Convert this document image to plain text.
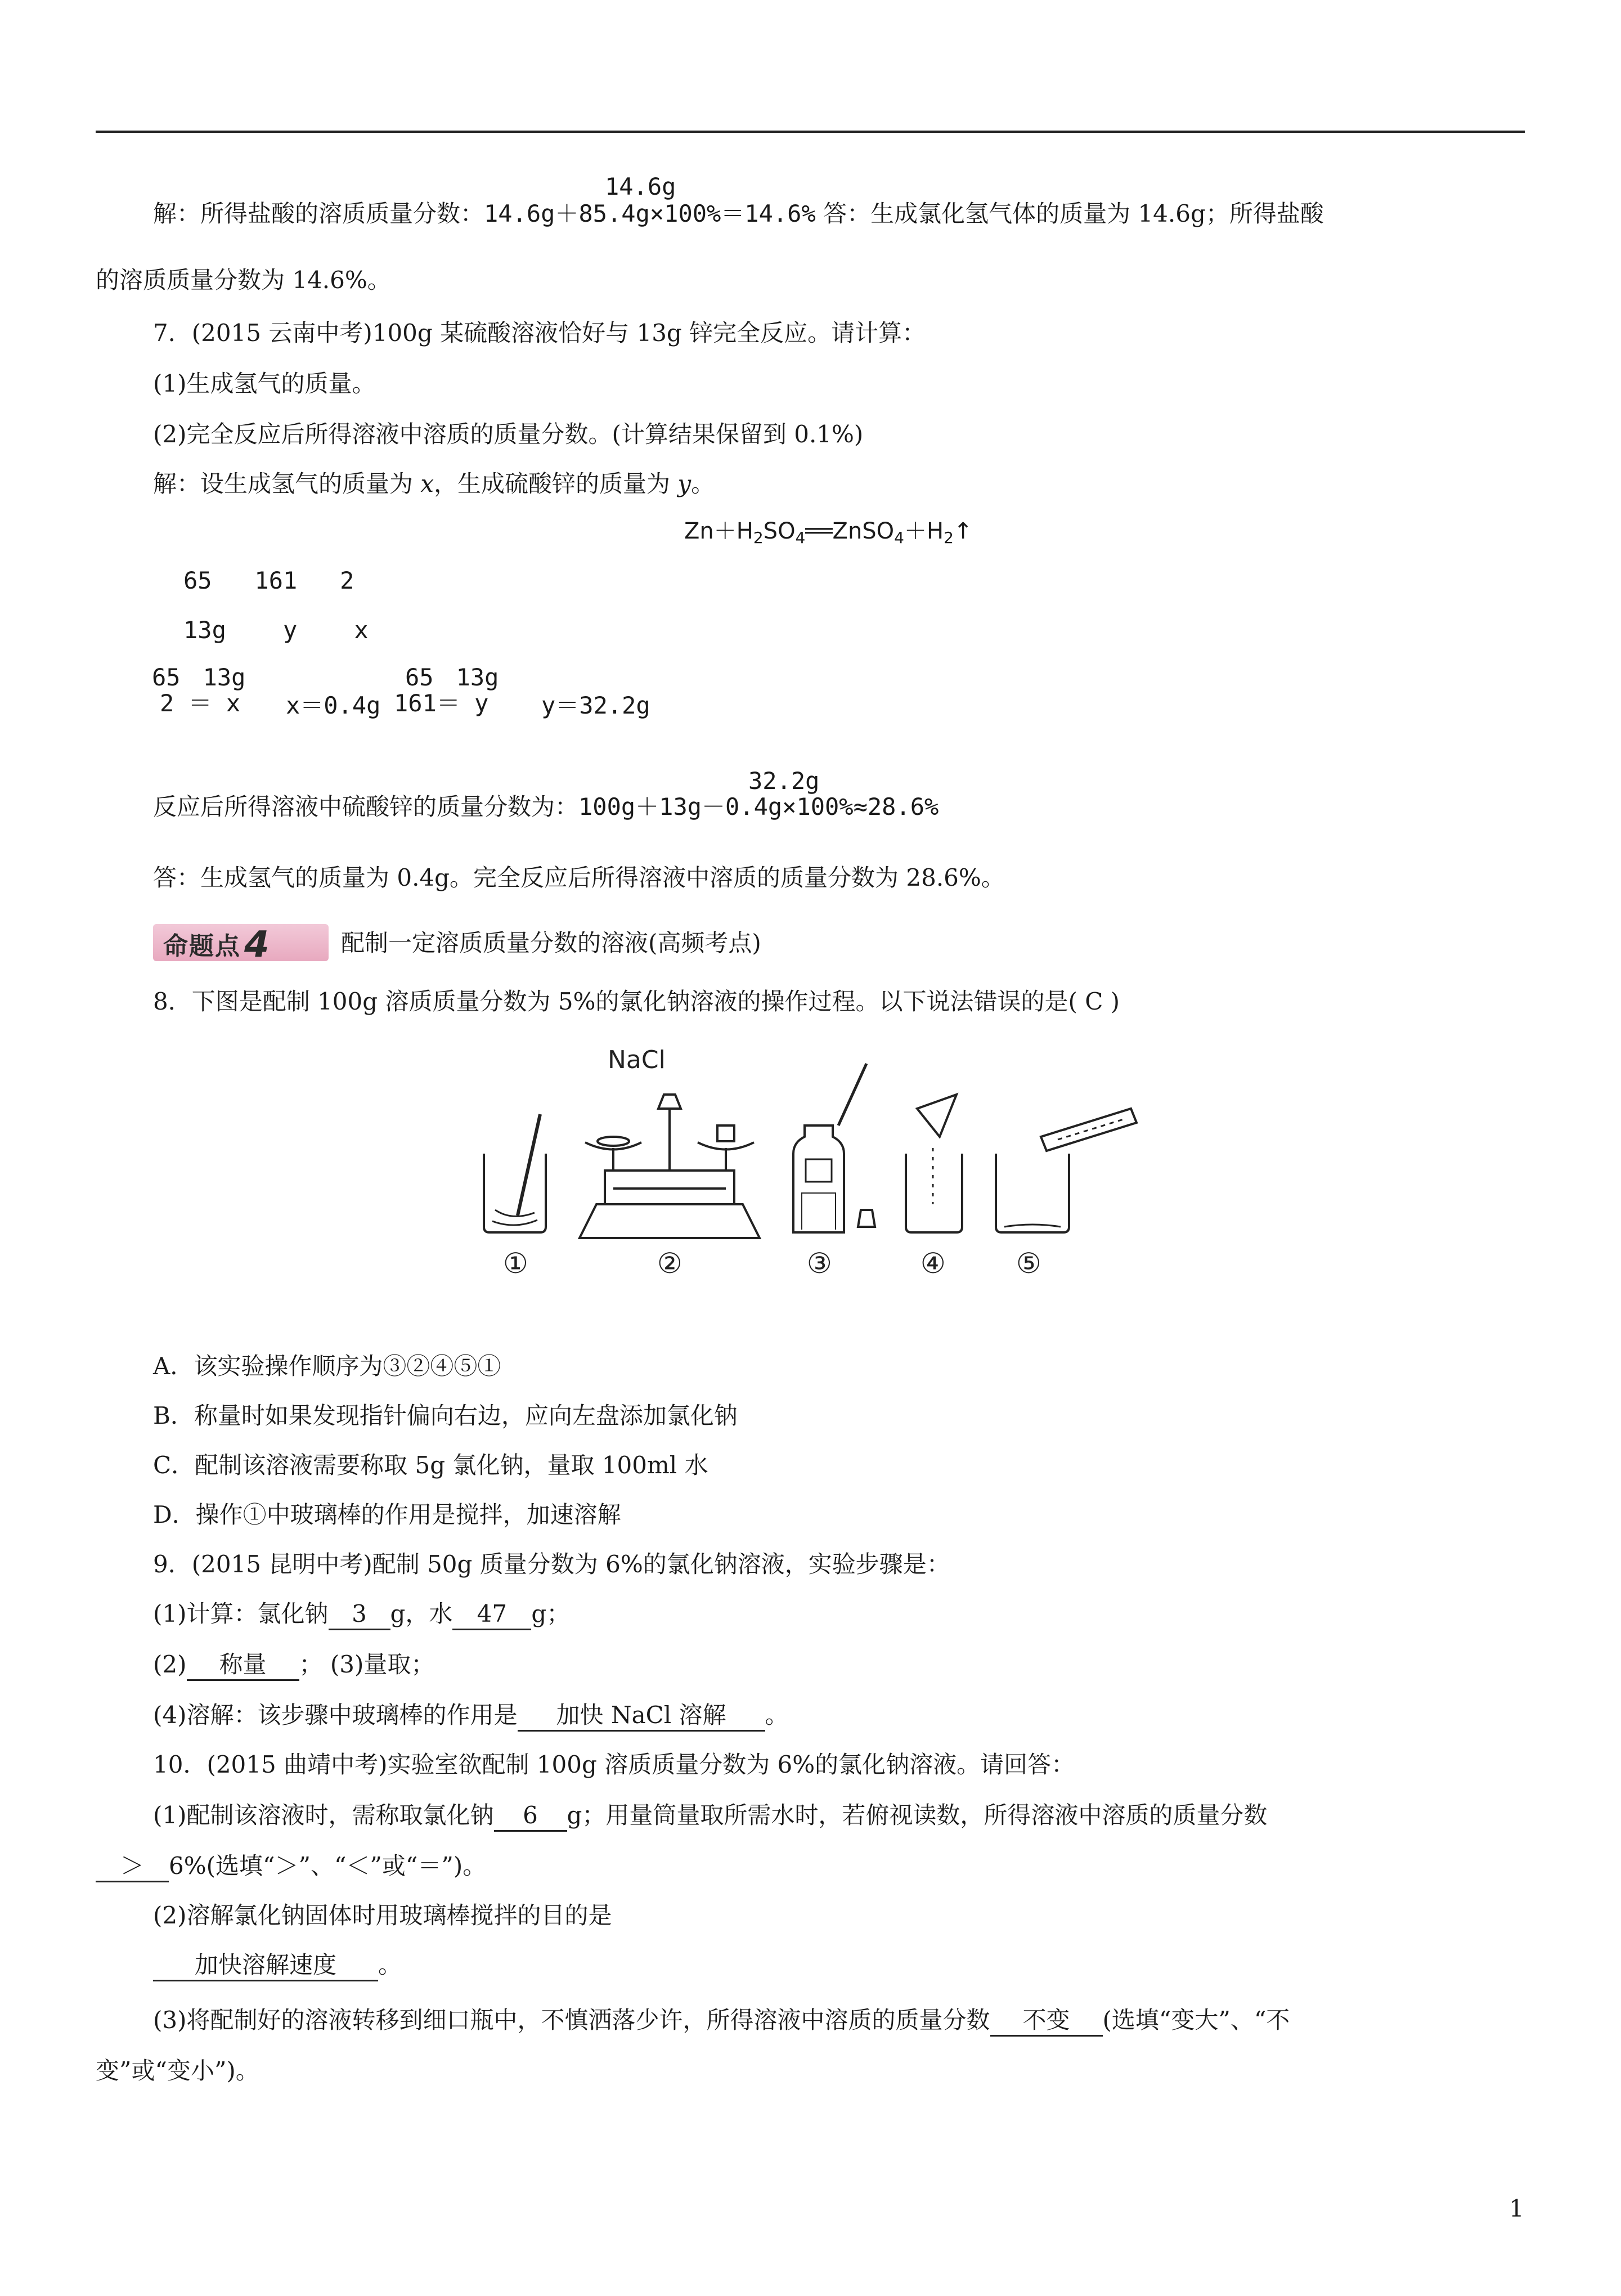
14.6g
解：所得盐酸的溶质质量分数：14.6g＋85.4g×100%＝14.6% 答：生成氯化氢气体的质量为 14.6g；所得盐酸
的溶质质量分数为 14.6%。
7．(2015 云南中考)100g 某硫酸溶液恰好与 13g 锌完全反应。请计算：
(1)生成氢气的质量。
(2)完全反应后所得溶液中溶质的质量分数。(计算结果保留到 0.1%)
解：设生成氢气的质量为 x，生成硫酸锌的质量为 y。
$Zn+H_2SO_4══ZnSO_4+H_2↑$
65   161   2
13g    y    x
65 13g
2 ＝ x x＝0.4g
65 13g
161＝ y y＝32.2g
32.2g
反应后所得溶液中硫酸锌的质量分数为：100g＋13g－0.4g×100%≈28.6%
答：生成氢气的质量为 0.4g。完全反应后所得溶液中溶质的质量分数为 28.6%。
命题点4	配制一定溶质质量分数的溶液(高频考点)
8．下图是配制 100g 溶质质量分数为 5%的氯化钠溶液的操作过程。以下说法错误的是( C )
NaCl
①	②	③	④	⑤
A．该实验操作顺序为③②④⑤①
B．称量时如果发现指针偏向右边，应向左盘添加氯化钠
C．配制该溶液需要称取 5g 氯化钠，量取 100ml 水
D．操作①中玻璃棒的作用是搅拌，加速溶解
9．(2015 昆明中考)配制 50g 质量分数为 6%的氯化钠溶液，实验步骤是：
(1)计算：氯化钠 3 g，水 47 g；
(2) 称量 ； (3)量取；
(4)溶解：该步骤中玻璃棒的作用是 加快 NaCl 溶解 。
10．(2015 曲靖中考)实验室欲配制 100g 溶质质量分数为 6%的氯化钠溶液。请回答：
(1)配制该溶液时，需称取氯化钠 6 g；用量筒量取所需水时，若俯视读数，所得溶液中溶质的质量分数
＞ 6%(选填“＞”、“＜”或“＝”)。
(2)溶解氯化钠固体时用玻璃棒搅拌的目的是
加快溶解速度 。
(3)将配制好的溶液转移到细口瓶中，不慎洒落少许，所得溶液中溶质的质量分数 不变 (选填“变大”、“不
变”或“变小”)。
1
